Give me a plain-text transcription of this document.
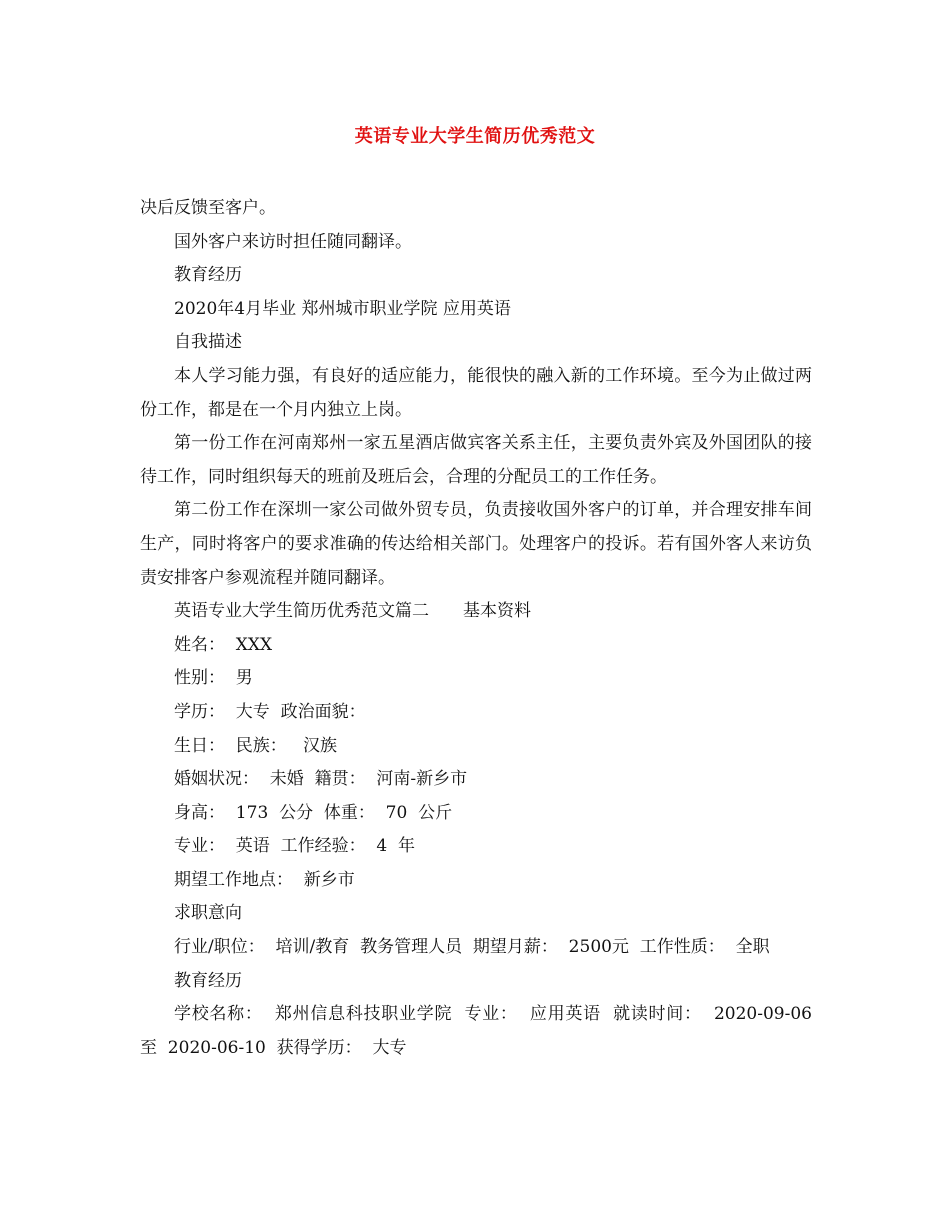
英语专业大学生简历优秀范文

决后反馈至客户。

国外客户来访时担任随同翻译。

教育经历

2020年4月毕业 郑州城市职业学院 应用英语

自我描述

本人学习能力强，有良好的适应能力，能很快的融入新的工作环境。至今为止做过两份工作，都是在一个月内独立上岗。

第一份工作在河南郑州一家五星酒店做宾客关系主任，主要负责外宾及外国团队的接待工作，同时组织每天的班前及班后会，合理的分配员工的工作任务。

第二份工作在深圳一家公司做外贸专员，负责接收国外客户的订单，并合理安排车间生产，同时将客户的要求准确的传达给相关部门。处理客户的投诉。若有国外客人来访负责安排客户参观流程并随同翻译。

英语专业大学生简历优秀范文篇二　　基本资料

姓名：  XXX

性别：  男

学历：  大专  政治面貌：

生日：  民族：   汉族

婚姻状况：  未婚  籍贯：  河南-新乡市

身高：  173  公分  体重：  70  公斤

专业：  英语  工作经验：  4  年

期望工作地点：  新乡市

求职意向

行业/职位：  培训/教育  教务管理人员  期望月薪：  2500元  工作性质：  全职

教育经历

学校名称：  郑州信息科技职业学院  专业：  应用英语  就读时间：  2020-09-06  至  2020-06-10  获得学历：  大专
